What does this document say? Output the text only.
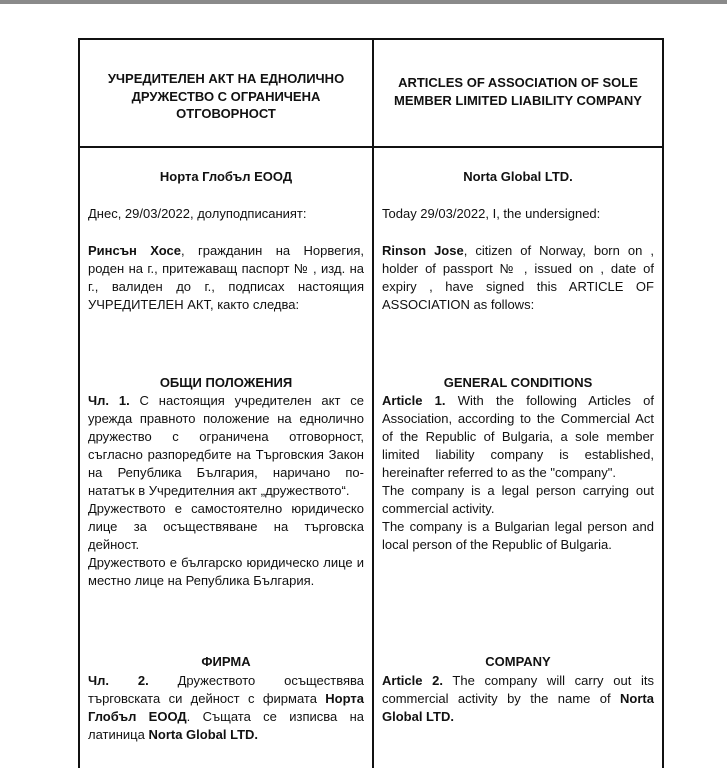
УЧРЕДИТЕЛЕН АКТ НА ЕДНОЛИЧНО ДРУЖЕСТВО С ОГРАНИЧЕНА ОТГОВОРНОСТ
Норта Глобъл ЕООД

Днес, 29/03/2022, долуподписаният:

Ринсън Хосе, гражданин на Норвегия, роден на г., притежаващ паспорт № , изд. на г., валиден до г., подписах настоящия УЧРЕДИТЕЛЕН АКТ, както следва:

ОБЩИ ПОЛОЖЕНИЯ

Чл. 1. С настоящия учредителен акт се урежда правното положение на едноличнo дружество с ограничена отговорност, съгласно разпоредбите на Търговския Закон на Република България, наричано по-нататък в Учредителния акт „дружеството“.

Дружеството е самостоятелно юридическо лице за осъществяване на търговска дейност.

Дружеството е българско юридическо лице и местно лице на Република България.

ФИРМА

Чл. 2. Дружеството осъществява търговската си дейност с фирмата Норта Глобъл ЕООД. Същата се изписва на латиница Norta Global LTD.

ARTICLES OF ASSOCIATION OF SOLE MEMBER LIMITED LIABILITY COMPANY
Norta Global LTD.

Today 29/03/2022, I, the undersigned:

Rinson Jose, citizen of Norway, born on , holder of passport № , issued on , date of expiry , have signed this ARTICLE OF ASSOCIATION as follows:

GENERAL CONDITIONS

Article 1. With the following Articles of Association, according to the Commercial Act of the Republic of Bulgaria, a sole member limited liability company is established, hereinafter referred to as the "company".

The company is a legal person carrying out commercial activity.

The company is a Bulgarian legal person and local person of the Republic of Bulgaria.

COMPANY

Article 2. The company will carry out its commercial activity by the name of Norta Global LTD.
